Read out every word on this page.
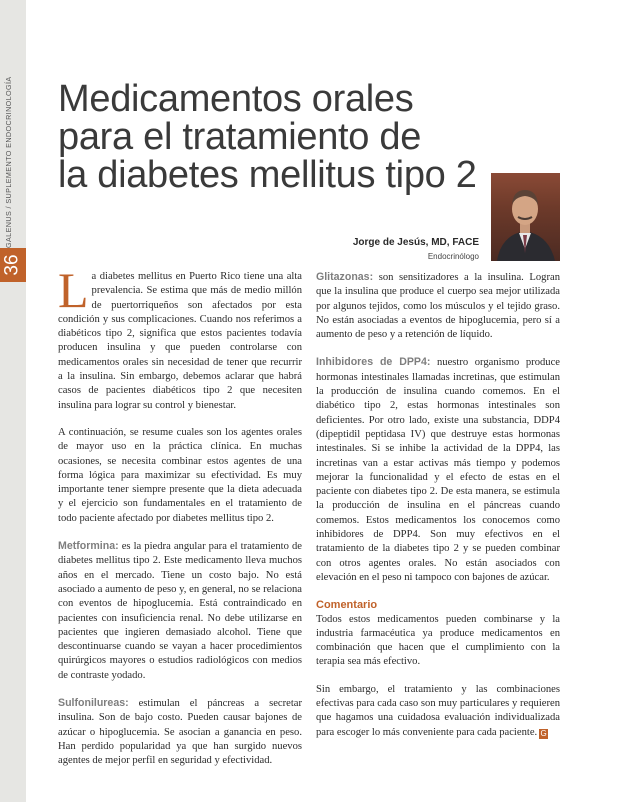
GALENUS / SUPLEMENTO ENDOCRINOLOGÍA
36
Medicamentos orales
para el tratamiento de
la diabetes mellitus tipo 2
Jorge de Jesús, MD, FACE
Endocrinólogo

La diabetes mellitus en Puerto Rico tiene una alta prevalencia. Se estima que más de medio millón de puertorriqueños son afectados por esta condición y sus complicaciones. Cuando nos referimos a diabéticos tipo 2, significa que estos pacientes todavía producen insulina y que pueden controlarse con medicamentos orales sin necesidad de tener que recurrir a la insulina. Sin embargo, debemos aclarar que habrá casos de pacientes diabéticos tipo 2 que necesiten insulina para lograr su control y bienestar.

A continuación, se resume cuales son los agentes orales de mayor uso en la práctica clínica. En muchas ocasiones, se necesita combinar estos agentes de una forma lógica para maximizar su efectividad. Es muy importante tener siempre presente que la dieta adecuada y el ejercicio son fundamentales en el tratamiento de todo paciente afectado por diabetes mellitus tipo 2.

Metformina: es la piedra angular para el tratamiento de diabetes mellitus tipo 2. Este medicamento lleva muchos años en el mercado. Tiene un costo bajo. No está asociado a aumento de peso y, en general, no se relaciona con eventos de hipoglucemia. Está contraindicado en pacientes con insuficiencia renal. No debe utilizarse en pacientes que ingieren demasiado alcohol. Tiene que descontinuarse cuando se vayan a hacer procedimientos quirúrgicos mayores o estudios radiológicos con medios de contraste yodado.

Sulfonilureas: estimulan el páncreas a secretar insulina. Son de bajo costo. Pueden causar bajones de azúcar o hipoglucemia. Se asocian a ganancia en peso. Han perdido popularidad ya que han surgido nuevos agentes de mejor perfil en seguridad y efectividad.

Glitazonas: son sensitizadores a la insulina. Logran que la insulina que produce el cuerpo sea mejor utilizada por algunos tejidos, como los músculos y el tejido graso. No están asociadas a eventos de hipoglucemia, pero sí a aumento de peso y a retención de líquido.

Inhibidores de DPP4: nuestro organismo produce hormonas intestinales llamadas incretinas, que estimulan la producción de insulina cuando comemos. En el diabético tipo 2, estas hormonas intestinales son deficientes. Por otro lado, existe una substancia, DDP4 (dipeptidil peptidasa IV) que destruye estas hormonas intestinales. Si se inhibe la actividad de la DPP4, las incretinas van a estar activas más tiempo y podemos mejorar la funcionalidad y el efecto de estas en el paciente con diabetes tipo 2. De esta manera, se estimula la producción de insulina en el páncreas cuando comemos. Estos medicamentos los conocemos como inhibidores de DPP4. Son muy efectivos en el tratamiento de la diabetes tipo 2 y se pueden combinar con otros agentes orales. No están asociados con elevación en el peso ni tampoco con bajones de azúcar.

Comentario

Todos estos medicamentos pueden combinarse y la industria farmacéutica ya produce medicamentos en combinación que hacen que el cumplimiento con la terapia sea más efectivo.

Sin embargo, el tratamiento y las combinaciones efectivas para cada caso son muy particulares y requieren que hagamos una cuidadosa evaluación individualizada para escoger lo más conveniente para cada paciente. G
